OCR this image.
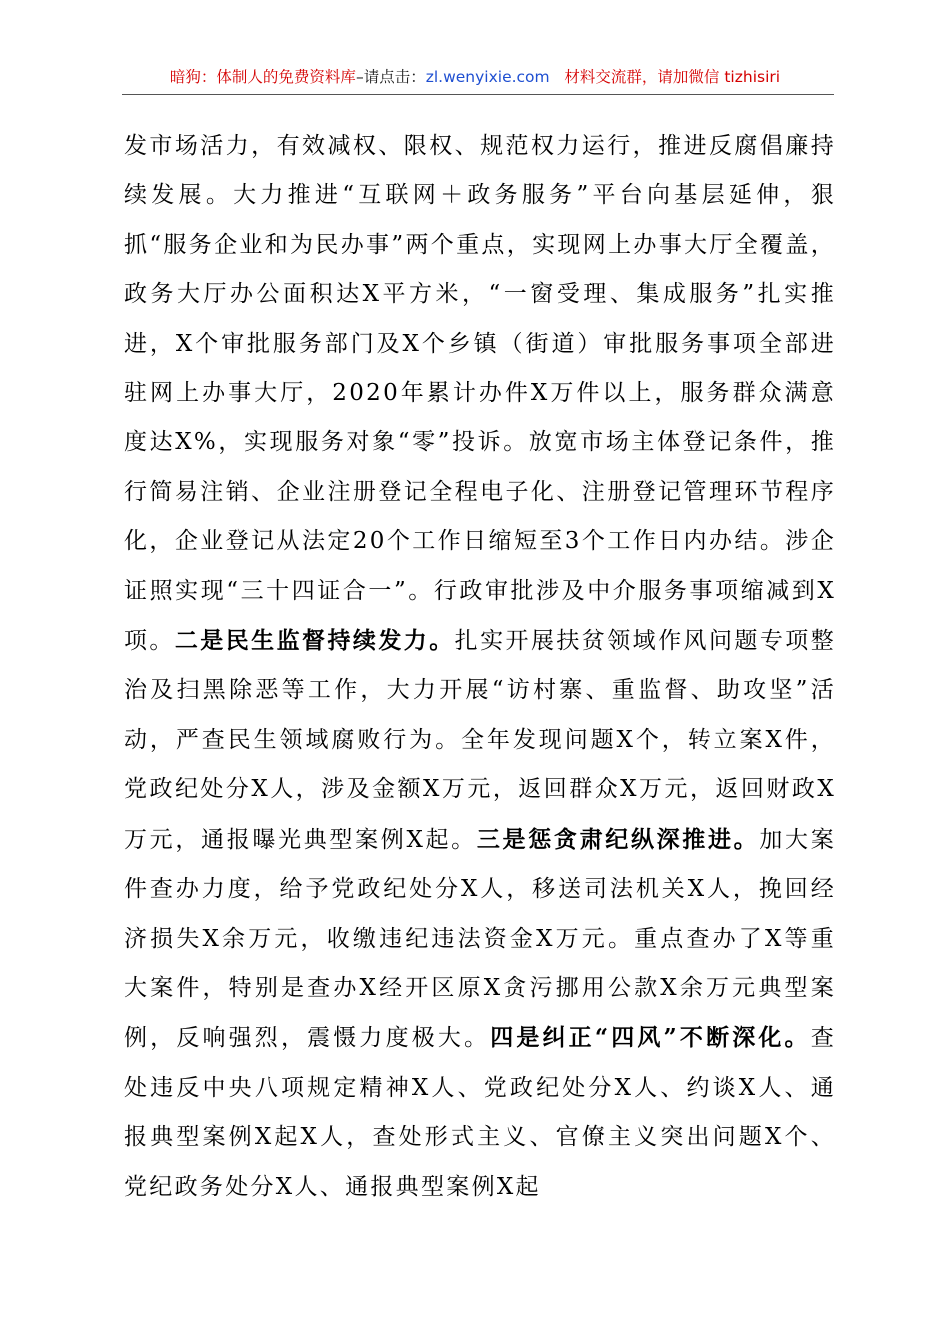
暗狗：体制人的免费资料库–请点击：zl.wenyixie.com 材料交流群，请加微信 tizhisiri
发市场活力，有效减权、限权、规范权力运行，推进反腐倡廉持续发展。大力推进“互联网＋政务服务”平台向基层延伸，狠抓“服务企业和为民办事”两个重点，实现网上办事大厅全覆盖，政务大厅办公面积达X平方米，“一窗受理、集成服务”扎实推进，X个审批服务部门及X个乡镇（街道）审批服务事项全部进驻网上办事大厅，2020年累计办件X万件以上，服务群众满意度达X%，实现服务对象“零”投诉。放宽市场主体登记条件，推行简易注销、企业注册登记全程电子化、注册登记管理环节程序化，企业登记从法定20个工作日缩短至3个工作日内办结。涉企证照实现“三十四证合一”。行政审批涉及中介服务事项缩减到X项。二是民生监督持续发力。扎实开展扶贫领域作风问题专项整治及扫黑除恶等工作，大力开展“访村寨、重监督、助攻坚”活动，严查民生领域腐败行为。全年发现问题X个，转立案X件，党政纪处分X人，涉及金额X万元，返回群众X万元，返回财政X万元，通报曝光典型案例X起。三是惩贪肃纪纵深推进。加大案件查办力度，给予党政纪处分X人，移送司法机关X人，挽回经济损失X余万元，收缴违纪违法资金X万元。重点查办了X等重大案件，特别是查办X经开区原X贪污挪用公款X余万元典型案例，反响强烈，震慑力度极大。四是纠正“四风”不断深化。查处违反中央八项规定精神X人、党政纪处分X人、约谈X人、通报典型案例X起X人，查处形式主义、官僚主义突出问题X个、党纪政务处分X人、通报典型案例X起
